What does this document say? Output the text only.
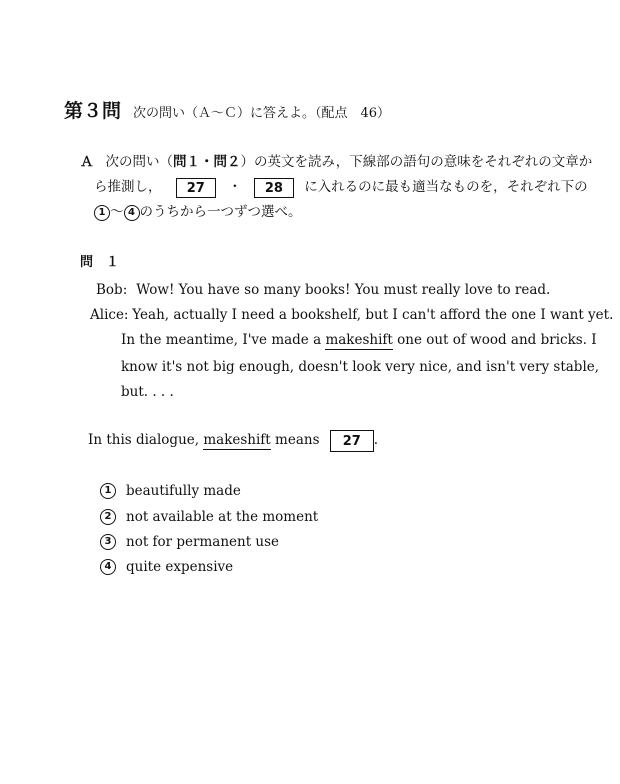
第３問 次の問い（Ａ～Ｃ）に答えよ。（配点　46）
Ａ 次の問い（問１・問２）の英文を読み，下線部の語句の意味をそれぞれの文章か
ら推測し， 27 ・ 28 に入れるのに最も適当なものを，それぞれ下の
1 ～ 4 のうちから一つずつ選べ。
問　１
Bob: Wow! You have so many books! You must really love to read.
Alice: Yeah, actually I need a bookshelf, but I can't afford the one I want yet.
In the meantime, I've made a makeshift one out of wood and bricks. I
know it's not big enough, doesn't look very nice, and isn't very stable,
but. . . .
In this dialogue, makeshift means 27 .
1	beautifully made
2	not available at the moment
3	not for permanent use
4	quite expensive
